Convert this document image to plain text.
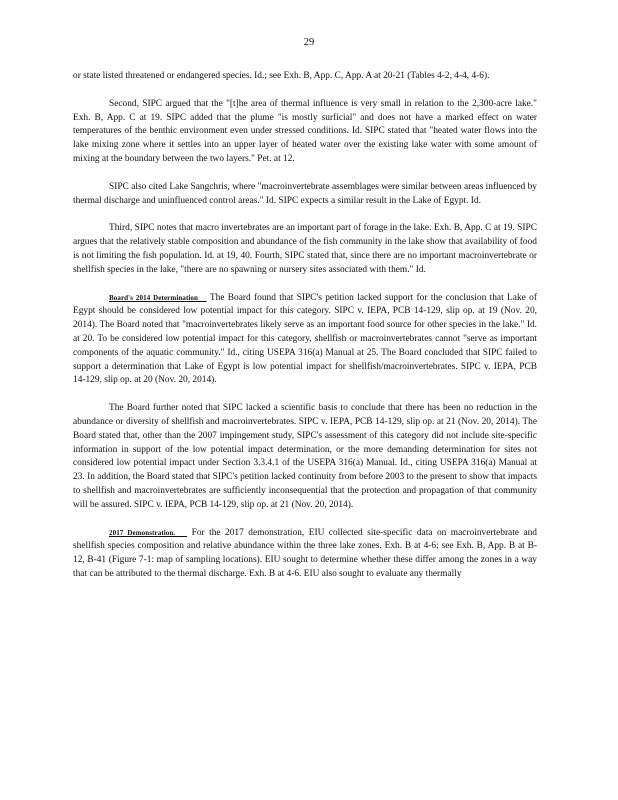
29

or state listed threatened or endangered species. Id.; see Exh. B, App. C, App. A at 20-21 (Tables 4-2, 4-4, 4-6).

Second, SIPC argued that the "[t]he area of thermal influence is very small in relation to the 2,300-acre lake." Exh. B, App. C at 19. SIPC added that the plume "is mostly surficial" and does not have a marked effect on water temperatures of the benthic environment even under stressed conditions. Id. SIPC stated that "heated water flows into the lake mixing zone where it settles into an upper layer of heated water over the existing lake water with some amount of mixing at the boundary between the two layers." Pet. at 12.

SIPC also cited Lake Sangchris, where "macroinvertebrate assemblages were similar between areas influenced by thermal discharge and uninfluenced control areas." Id. SIPC expects a similar result in the Lake of Egypt. Id.

Third, SIPC notes that macro invertebrates are an important part of forage in the lake. Exh. B, App. C at 19. SIPC argues that the relatively stable composition and abundance of the fish community in the lake show that availability of food is not limiting the fish population. Id. at 19, 40. Fourth, SIPC stated that, since there are no important macroinvertebrate or shellfish species in the lake, "there are no spawning or nursery sites associated with them." Id.

Board's 2014 Determination    The Board found that SIPC's petition lacked support for the conclusion that Lake of Egypt should be considered low potential impact for this category. SIPC v. IEPA, PCB 14-129, slip op. at 19 (Nov. 20, 2014). The Board noted that "macroinvertebrates likely serve as an important food source for other species in the lake." Id. at 20. To be considered low potential impact for this category, shellfish or macroinvertebrates cannot "serve as important components of the aquatic community." Id., citing USEPA 316(a) Manual at 25. The Board concluded that SIPC failed to support a determination that Lake of Egypt is low potential impact for shellfish/macroinvertebrates. SIPC v. IEPA, PCB 14-129, slip op. at 20 (Nov. 20, 2014).

The Board further noted that SIPC lacked a scientific basis to conclude that there has been no reduction in the abundance or diversity of shellfish and macroinvertebrates. SIPC v. IEPA, PCB 14-129, slip op. at 21 (Nov. 20, 2014). The Board stated that, other than the 2007 impingement study, SIPC's assessment of this category did not include site-specific information in support of the low potential impact determination, or the more demanding determination for sites not considered low potential impact under Section 3.3.4.1 of the USEPA 316(a) Manual. Id., citing USEPA 316(a) Manual at 23. In addition, the Board stated that SIPC's petition lacked continuity from before 2003 to the present to show that impacts to shellfish and macroinvertebrates are sufficiently inconsequential that the protection and propagation of that community will be assured. SIPC v. IEPA, PCB 14-129, slip op. at 21 (Nov. 20, 2014).

2017 Demonstration.    For the 2017 demonstration, EIU collected site-specific data on macroinvertebrate and shellfish species composition and relative abundance within the three lake zones. Exh. B at 4-6; see Exh. B, App. B at B-12, B-41 (Figure 7-1: map of sampling locations). EIU sought to determine whether these differ among the zones in a way that can be attributed to the thermal discharge. Exh. B at 4-6. EIU also sought to evaluate any thermally
